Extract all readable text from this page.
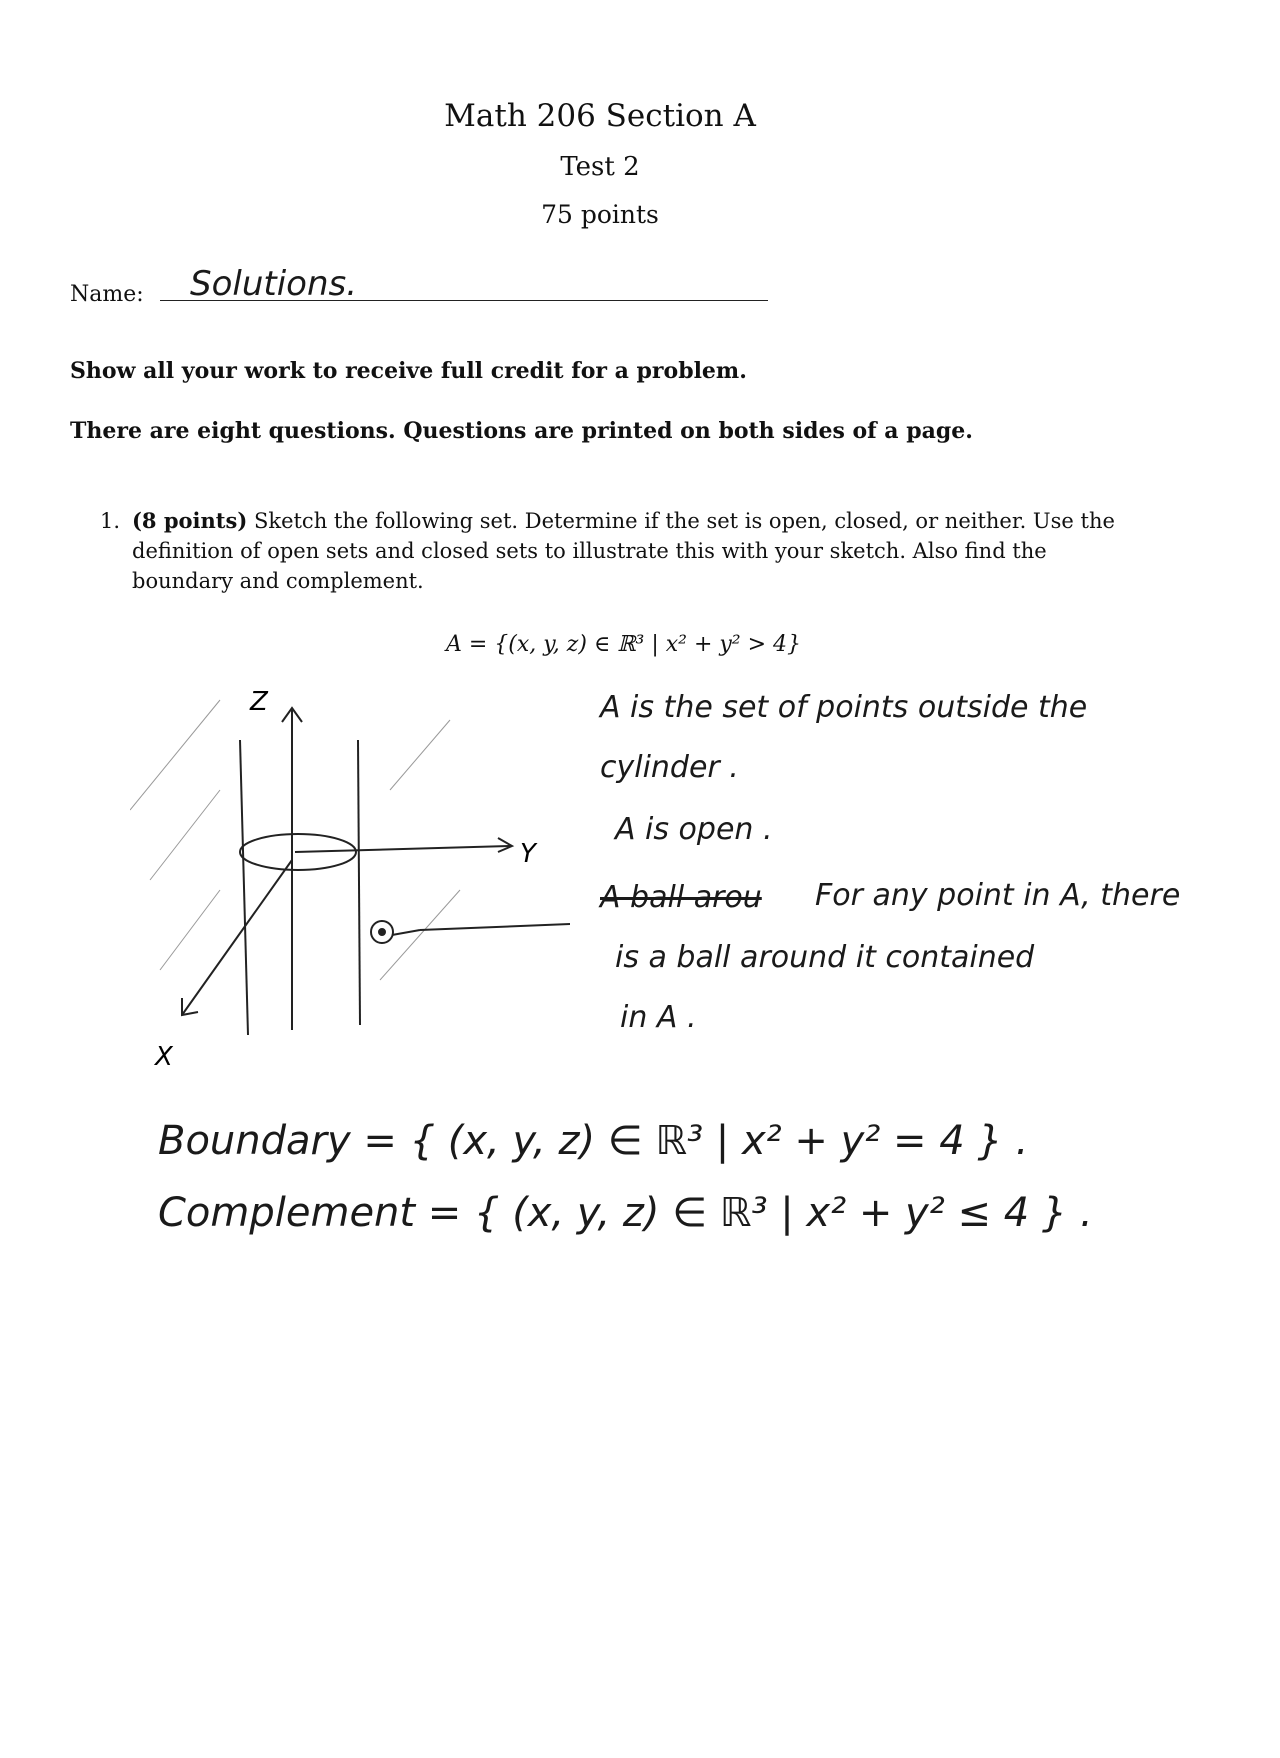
Math 206 Section A
Test 2
75 points
Name: Solutions.
Show all your work to receive full credit for a problem.
There are eight questions. Questions are printed on both sides of a page.
1. (8 points) Sketch the following set. Determine if the set is open, closed, or neither. Use the definition of open sets and closed sets to illustrate this with your sketch. Also find the boundary and complement.
A = {(x, y, z) ∈ ℝ³ | x² + y² > 4}
Z
Y
X
A is the set of points outside the
cylinder .
A is open .
A ball arou For any point in A, there
is a ball around it contained
in A .
Boundary = { (x, y, z) ∈ ℝ³ | x² + y² = 4 } .
Complement = { (x, y, z) ∈ ℝ³ | x² + y² ≤ 4 } .
